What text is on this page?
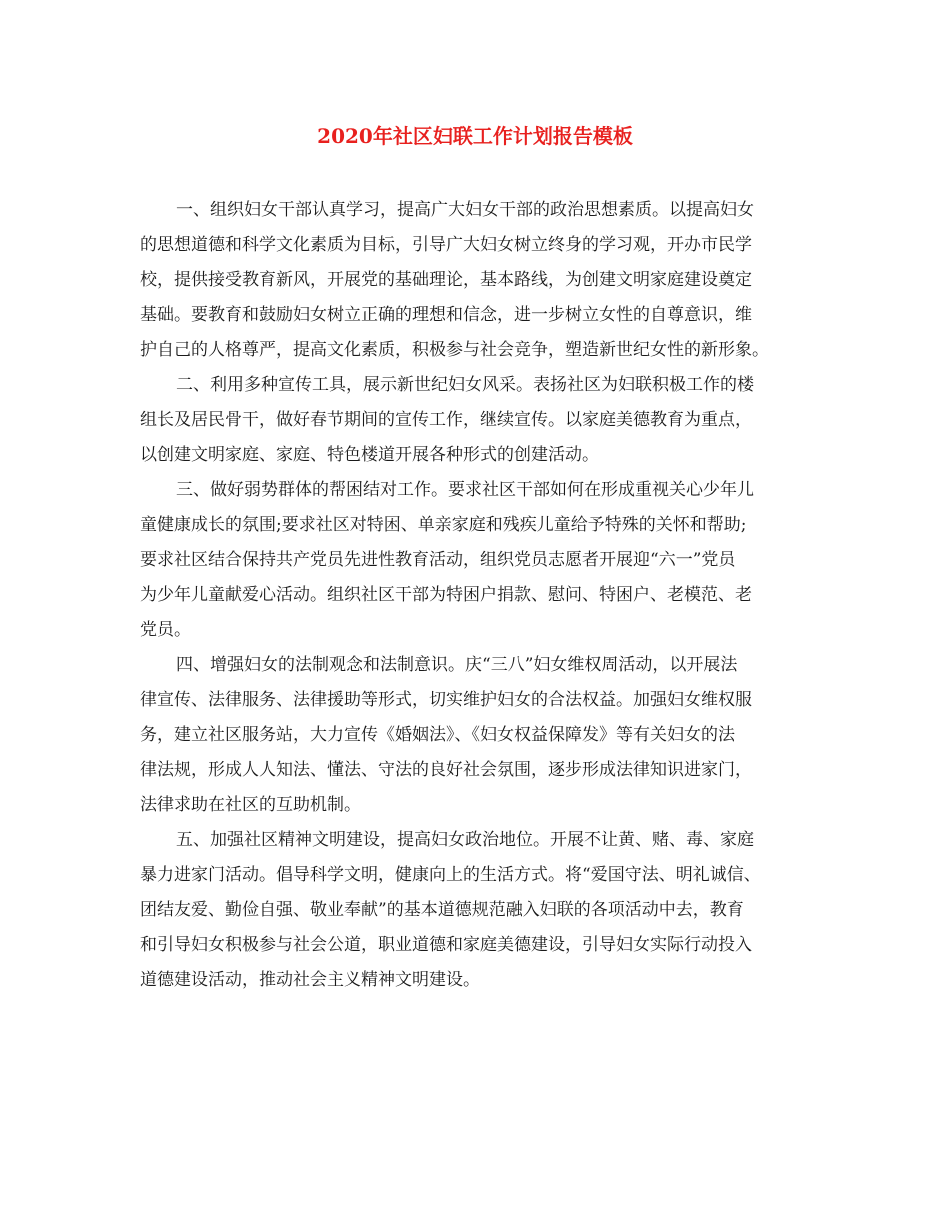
2020年社区妇联工作计划报告模板
一、组织妇女干部认真学习，提高广大妇女干部的政治思想素质。以提高妇女
的思想道德和科学文化素质为目标，引导广大妇女树立终身的学习观，开办市民学
校，提供接受教育新风，开展党的基础理论，基本路线，为创建文明家庭建设奠定
基础。要教育和鼓励妇女树立正确的理想和信念，进一步树立女性的自尊意识，维
护自己的人格尊严，提高文化素质，积极参与社会竞争，塑造新世纪女性的新形象。
二、利用多种宣传工具，展示新世纪妇女风采。表扬社区为妇联积极工作的楼
组长及居民骨干，做好春节期间的宣传工作，继续宣传。以家庭美德教育为重点，
以创建文明家庭、家庭、特色楼道开展各种形式的创建活动。
三、做好弱势群体的帮困结对工作。要求社区干部如何在形成重视关心少年儿
童健康成长的氛围;要求社区对特困、单亲家庭和残疾儿童给予特殊的关怀和帮助;
要求社区结合保持共产党员先进性教育活动，组织党员志愿者开展迎“六一”党员
为少年儿童献爱心活动。组织社区干部为特困户捐款、慰问、特困户、老模范、老
党员。
四、增强妇女的法制观念和法制意识。庆“三八”妇女维权周活动，以开展法
律宣传、法律服务、法律援助等形式，切实维护妇女的合法权益。加强妇女维权服
务，建立社区服务站，大力宣传《婚姻法》、《妇女权益保障发》等有关妇女的法
律法规，形成人人知法、懂法、守法的良好社会氛围，逐步形成法律知识进家门，
法律求助在社区的互助机制。
五、加强社区精神文明建设，提高妇女政治地位。开展不让黄、赌、毒、家庭
暴力进家门活动。倡导科学文明，健康向上的生活方式。将“爱国守法、明礼诚信、
团结友爱、勤俭自强、敬业奉献”的基本道德规范融入妇联的各项活动中去，教育
和引导妇女积极参与社会公道，职业道德和家庭美德建设，引导妇女实际行动投入
道德建设活动，推动社会主义精神文明建设。
